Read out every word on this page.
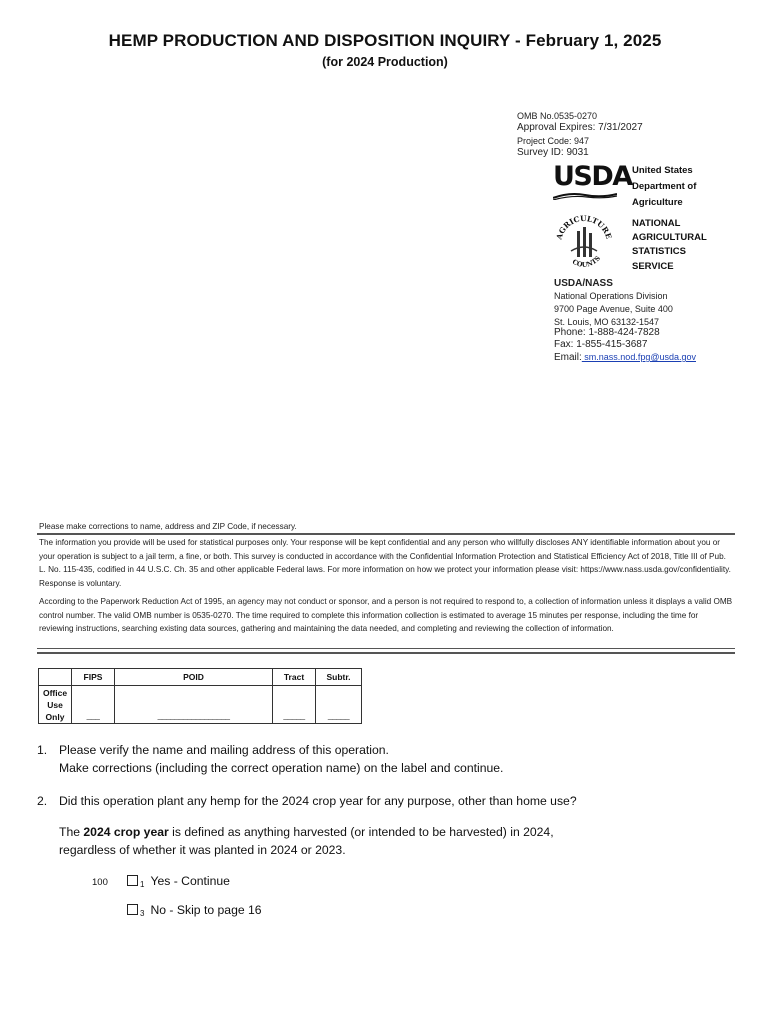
HEMP PRODUCTION AND DISPOSITION INQUIRY - February 1, 2025
(for 2024 Production)
OMB No.0535-0270
Approval Expires: 7/31/2027
Project Code: 947
Survey ID: 9031
USDA United States
Department of
Agriculture
AGRICULTURE
COUNTS
NATIONAL
AGRICULTURAL
STATISTICS
SERVICE
USDA/NASS
National Operations Division
9700 Page Avenue, Suite 400
St. Louis, MO 63132-1547
Phone: 1-888-424-7828
Fax: 1-855-415-3687
Email: sm.nass.nod.fpg@usda.gov
Please make corrections to name, address and ZIP Code, if necessary.
The information you provide will be used for statistical purposes only. Your response will be kept confidential and any person who willfully discloses ANY identifiable information about you or your operation is subject to a jail term, a fine, or both. This survey is conducted in accordance with the Confidential Information Protection and Statistical Efficiency Act of 2018, Title III of Pub. L. No. 115-435, codified in 44 U.S.C. Ch. 35 and other applicable Federal laws. For more information on how we protect your information please visit: https://www.nass.usda.gov/confidentiality. Response is voluntary.
According to the Paperwork Reduction Act of 1995, an agency may not conduct or sponsor, and a person is not required to respond to, a collection of information unless it displays a valid OMB control number. The valid OMB number is 0535-0270. The time required to complete this information collection is estimated to average 15 minutes per response, including the time for reviewing instructions, searching existing data sources, gathering and maintaining the data needed, and completing and reviewing the collection of information.
	FIPS	POID	Tract	Subtr.
Office
Use
Only	___	_________________	_____	_____
1. Please verify the name and mailing address of this operation.
Make corrections (including the correct operation name) on the label and continue.
2. Did this operation plant any hemp for the 2024 crop year for any purpose, other than home use?
The 2024 crop year is defined as anything harvested (or intended to be harvested) in 2024,
regardless of whether it was planted in 2024 or 2023.
100	$_1$ Yes - Continue
$_3$ No - Skip to page 16
